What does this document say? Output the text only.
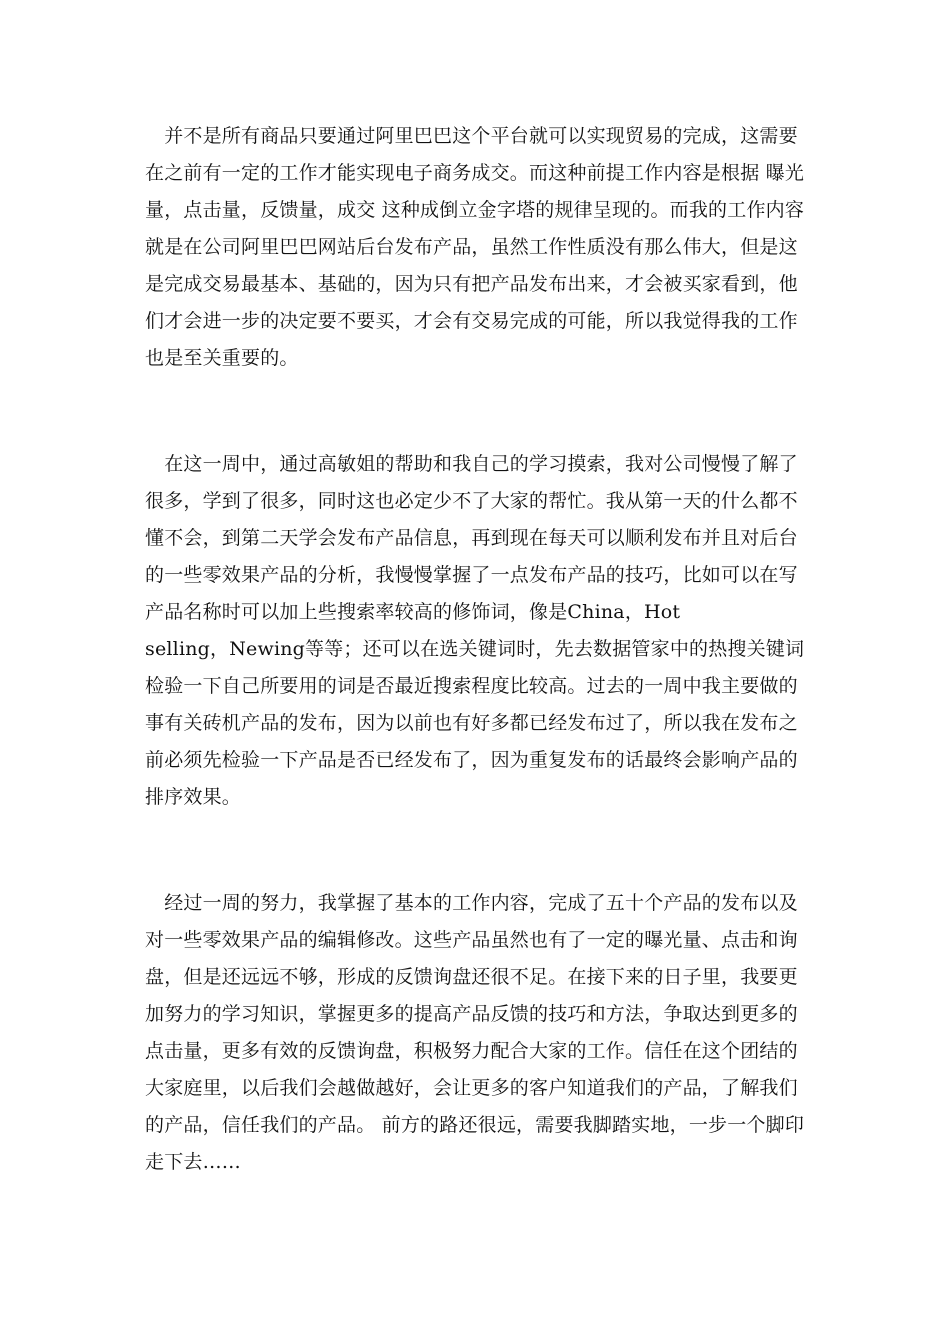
　并不是所有商品只要通过阿里巴巴这个平台就可以实现贸易的完成，这需要

在之前有一定的工作才能实现电子商务成交。而这种前提工作内容是根据 曝光

量，点击量，反馈量，成交 这种成倒立金字塔的规律呈现的。而我的工作内容

就是在公司阿里巴巴网站后台发布产品，虽然工作性质没有那么伟大，但是这

是完成交易最基本、基础的，因为只有把产品发布出来，才会被买家看到，他

们才会进一步的决定要不要买，才会有交易完成的可能，所以我觉得我的工作

也是至关重要的。

　在这一周中，通过高敏姐的帮助和我自己的学习摸索，我对公司慢慢了解了

很多，学到了很多，同时这也必定少不了大家的帮忙。我从第一天的什么都不

懂不会，到第二天学会发布产品信息，再到现在每天可以顺利发布并且对后台

的一些零效果产品的分析，我慢慢掌握了一点发布产品的技巧，比如可以在写

产品名称时可以加上些搜索率较高的修饰词，像是China，Hot

selling，Newing等等；还可以在选关键词时，先去数据管家中的热搜关键词

检验一下自己所要用的词是否最近搜索程度比较高。过去的一周中我主要做的

事有关砖机产品的发布，因为以前也有好多都已经发布过了，所以我在发布之

前必须先检验一下产品是否已经发布了，因为重复发布的话最终会影响产品的

排序效果。

　经过一周的努力，我掌握了基本的工作内容，完成了五十个产品的发布以及

对一些零效果产品的编辑修改。这些产品虽然也有了一定的曝光量、点击和询

盘，但是还远远不够，形成的反馈询盘还很不足。在接下来的日子里，我要更

加努力的学习知识，掌握更多的提高产品反馈的技巧和方法，争取达到更多的

点击量，更多有效的反馈询盘，积极努力配合大家的工作。信任在这个团结的

大家庭里，以后我们会越做越好，会让更多的客户知道我们的产品，了解我们

的产品，信任我们的产品。 前方的路还很远，需要我脚踏实地，一步一个脚印

走下去……
